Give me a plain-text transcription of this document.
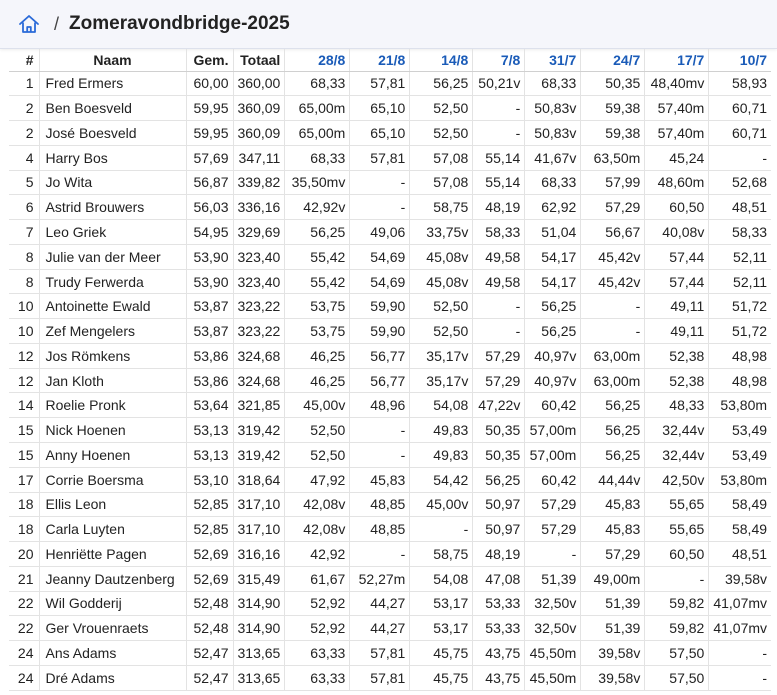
/ Zomeravondbridge-2025
#	Naam	Gem.	Totaal	28/8	21/8	14/8	7/8	31/7	24/7	17/7	10/7
1	Fred Ermers	60,00	360,00	68,33	57,81	56,25	50,21v	68,33	50,35	48,40mv	58,93
2	Ben Boesveld	59,95	360,09	65,00m	65,10	52,50	-	50,83v	59,38	57,40m	60,71
2	José Boesveld	59,95	360,09	65,00m	65,10	52,50	-	50,83v	59,38	57,40m	60,71
4	Harry Bos	57,69	347,11	68,33	57,81	57,08	55,14	41,67v	63,50m	45,24	-
5	Jo Wita	56,87	339,82	35,50mv	-	57,08	55,14	68,33	57,99	48,60m	52,68
6	Astrid Brouwers	56,03	336,16	42,92v	-	58,75	48,19	62,92	57,29	60,50	48,51
7	Leo Griek	54,95	329,69	56,25	49,06	33,75v	58,33	51,04	56,67	40,08v	58,33
8	Julie van der Meer	53,90	323,40	55,42	54,69	45,08v	49,58	54,17	45,42v	57,44	52,11
8	Trudy Ferwerda	53,90	323,40	55,42	54,69	45,08v	49,58	54,17	45,42v	57,44	52,11
10	Antoinette Ewald	53,87	323,22	53,75	59,90	52,50	-	56,25	-	49,11	51,72
10	Zef Mengelers	53,87	323,22	53,75	59,90	52,50	-	56,25	-	49,11	51,72
12	Jos Römkens	53,86	324,68	46,25	56,77	35,17v	57,29	40,97v	63,00m	52,38	48,98
12	Jan Kloth	53,86	324,68	46,25	56,77	35,17v	57,29	40,97v	63,00m	52,38	48,98
14	Roelie Pronk	53,64	321,85	45,00v	48,96	54,08	47,22v	60,42	56,25	48,33	53,80m
15	Nick Hoenen	53,13	319,42	52,50	-	49,83	50,35	57,00m	56,25	32,44v	53,49
15	Anny Hoenen	53,13	319,42	52,50	-	49,83	50,35	57,00m	56,25	32,44v	53,49
17	Corrie Boersma	53,10	318,64	47,92	45,83	54,42	56,25	60,42	44,44v	42,50v	53,80m
18	Ellis Leon	52,85	317,10	42,08v	48,85	45,00v	50,97	57,29	45,83	55,65	58,49
18	Carla Luyten	52,85	317,10	42,08v	48,85	-	50,97	57,29	45,83	55,65	58,49
20	Henriëtte Pagen	52,69	316,16	42,92	-	58,75	48,19	-	57,29	60,50	48,51
21	Jeanny Dautzenberg	52,69	315,49	61,67	52,27m	54,08	47,08	51,39	49,00m	-	39,58v
22	Wil Godderij	52,48	314,90	52,92	44,27	53,17	53,33	32,50v	51,39	59,82	41,07mv
22	Ger Vrouenraets	52,48	314,90	52,92	44,27	53,17	53,33	32,50v	51,39	59,82	41,07mv
24	Ans Adams	52,47	313,65	63,33	57,81	45,75	43,75	45,50m	39,58v	57,50	-
24	Dré Adams	52,47	313,65	63,33	57,81	45,75	43,75	45,50m	39,58v	57,50	-
